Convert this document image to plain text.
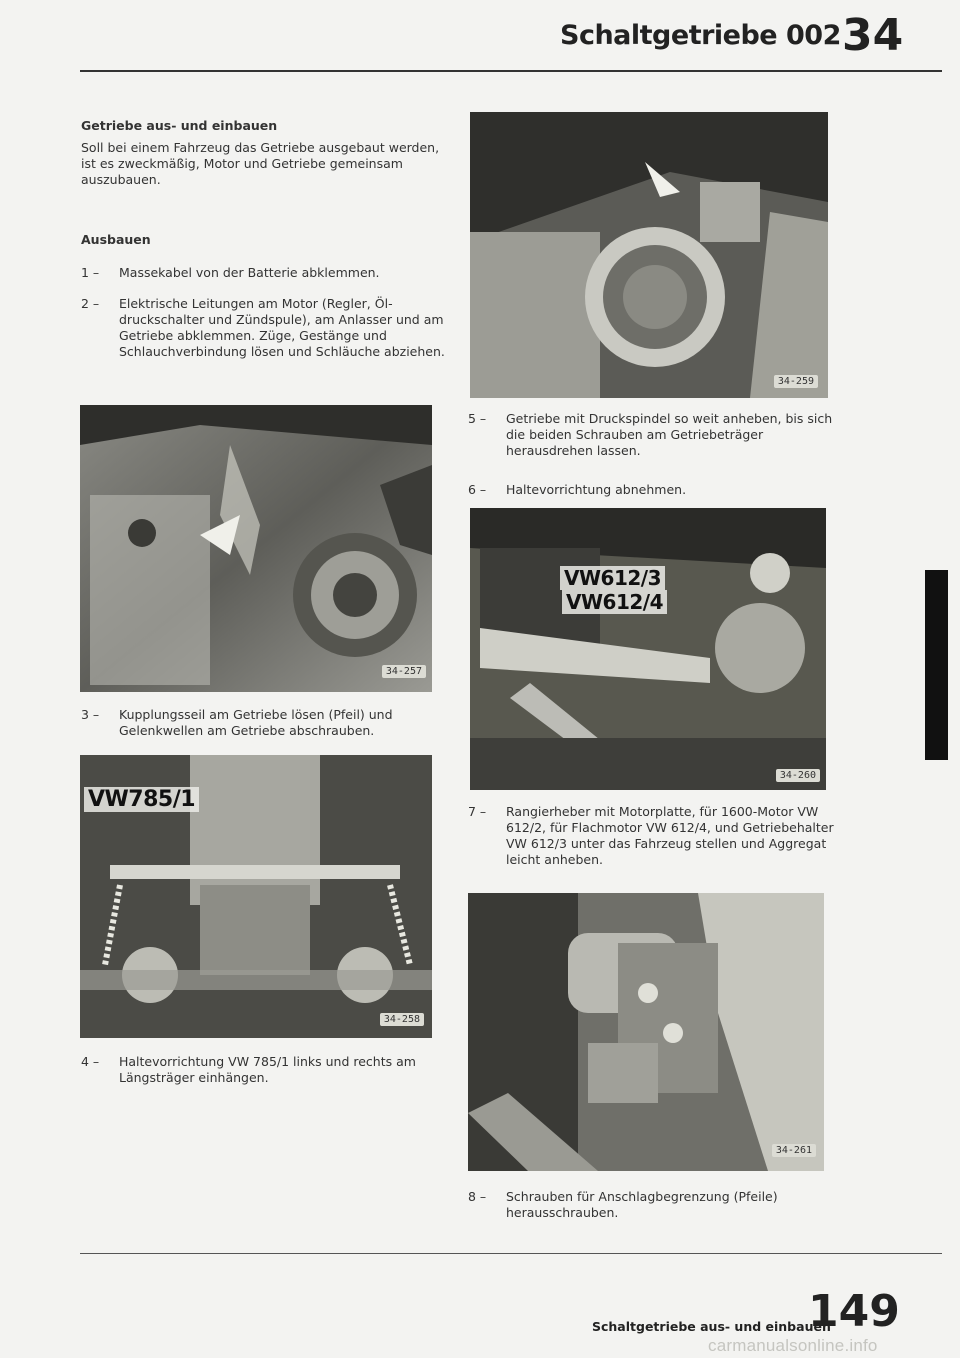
Schaltgetriebe 002 34
Getriebe aus- und einbauen
Soll bei einem Fahrzeug das Getriebe ausgebaut werden, ist es zweckmäßig, Motor und Getriebe gemeinsam auszubauen.
Ausbauen
1 –	Massekabel von der Batterie abklemmen.
2 –	Elektrische Leitungen am Motor (Regler, Öldruckschalter und Zündspule), am Anlasser und am Getriebe abklemmen. Züge, Gestänge und Schlauchverbindung lösen und Schläuche abziehen.
34-257
3 –	Kupplungsseil am Getriebe lösen (Pfeil) und Gelenkwellen am Getriebe abschrauben.
VW785/1
34-258
4 –	Haltevorrichtung VW 785/1 links und rechts am Längsträger einhängen.
34-259
5 –	Getriebe mit Druckspindel so weit anheben, bis sich die beiden Schrauben am Getriebeträger herausdrehen lassen.
6 –	Haltevorrichtung abnehmen.
VW612/3
VW612/4
34-260
7 –	Rangierheber mit Motorplatte, für 1600-Motor VW 612/2, für Flachmotor VW 612/4, und Getriebehalter VW 612/3 unter das Fahrzeug stellen und Aggregat leicht anheben.
34-261
8 –	Schrauben für Anschlagbegrenzung (Pfeile) herausschrauben.
Schaltgetriebe aus- und einbauen
149
carmanualsonline.info
